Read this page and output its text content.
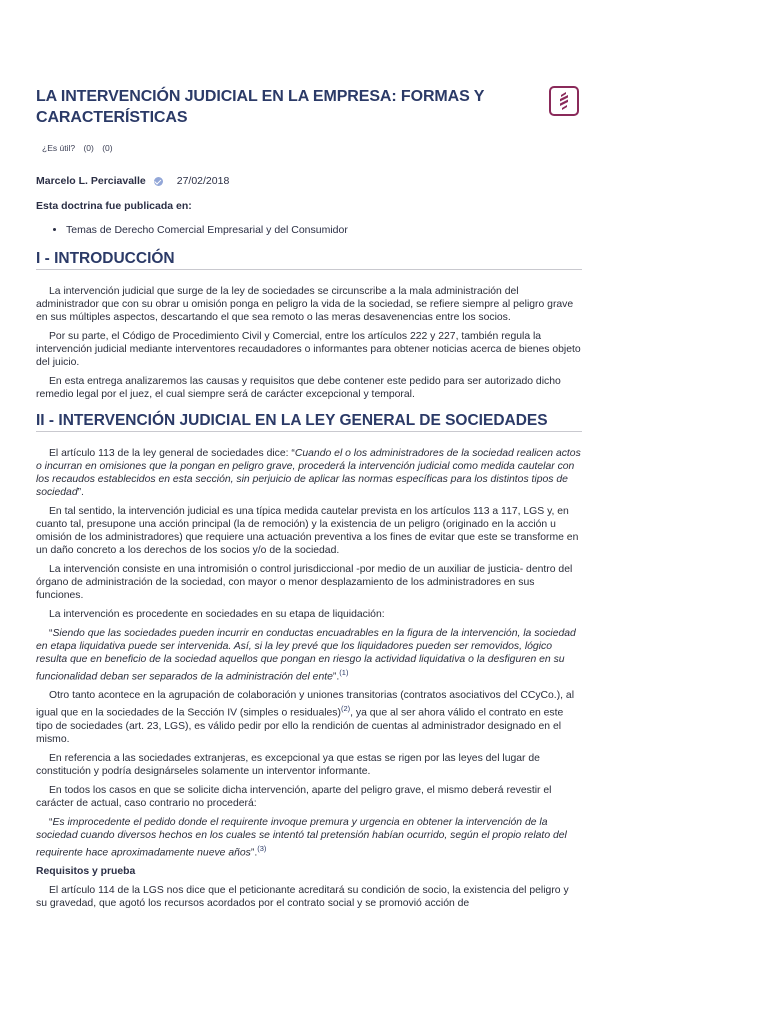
LA INTERVENCIÓN JUDICIAL EN LA EMPRESA: FORMAS Y CARACTERÍSTICAS
¿Es útil? (0) (0)
Marcelo L. Perciavalle	27/02/2018
Esta doctrina fue publicada en:
• Temas de Derecho Comercial Empresarial y del Consumidor
I - INTRODUCCIÓN

La intervención judicial que surge de la ley de sociedades se circunscribe a la mala administración del administrador que con su obrar u omisión ponga en peligro la vida de la sociedad, se refiere siempre al peligro grave en sus múltiples aspectos, descartando el que sea remoto o las meras desavenencias entre los socios.

Por su parte, el Código de Procedimiento Civil y Comercial, entre los artículos 222 y 227, también regula la intervención judicial mediante interventores recaudadores o informantes para obtener noticias acerca de bienes objeto del juicio.

En esta entrega analizaremos las causas y requisitos que debe contener este pedido para ser autorizado dicho remedio legal por el juez, el cual siempre será de carácter excepcional y temporal.

II - INTERVENCIÓN JUDICIAL EN LA LEY GENERAL DE SOCIEDADES

El artículo 113 de la ley general de sociedades dice: “Cuando el o los administradores de la sociedad realicen actos o incurran en omisiones que la pongan en peligro grave, procederá la intervención judicial como medida cautelar con los recaudos establecidos en esta sección, sin perjuicio de aplicar las normas específicas para los distintos tipos de sociedad”.

En tal sentido, la intervención judicial es una típica medida cautelar prevista en los artículos 113 a 117, LGS y, en cuanto tal, presupone una acción principal (la de remoción) y la existencia de un peligro (originado en la acción u omisión de los administradores) que requiere una actuación preventiva a los fines de evitar que este se transforme en un daño concreto a los derechos de los socios y/o de la sociedad.

La intervención consiste en una intromisión o control jurisdiccional -por medio de un auxiliar de justicia- dentro del órgano de administración de la sociedad, con mayor o menor desplazamiento de los administradores en sus funciones.

La intervención es procedente en sociedades en su etapa de liquidación:

“Siendo que las sociedades pueden incurrir en conductas encuadrables en la figura de la intervención, la sociedad en etapa liquidativa puede ser intervenida. Así, si la ley prevé que los liquidadores pueden ser removidos, lógico resulta que en beneficio de la sociedad aquellos que pongan en riesgo la actividad liquidativa o la desfiguren en su funcionalidad deban ser separados de la administración del ente”.$^{(1)}$

Otro tanto acontece en la agrupación de colaboración y uniones transitorias (contratos asociativos del CCyCo.), al igual que en la sociedades de la Sección IV (simples o residuales)$^{(2)}$, ya que al ser ahora válido el contrato en este tipo de sociedades (art. 23, LGS), es válido pedir por ello la rendición de cuentas al administrador designado en el mismo.

En referencia a las sociedades extranjeras, es excepcional ya que estas se rigen por las leyes del lugar de constitución y podría designárseles solamente un interventor informante.

En todos los casos en que se solicite dicha intervención, aparte del peligro grave, el mismo deberá revestir el carácter de actual, caso contrario no procederá:

“Es improcedente el pedido donde el requirente invoque premura y urgencia en obtener la intervención de la sociedad cuando diversos hechos en los cuales se intentó tal pretensión habían ocurrido, según el propio relato del requirente hace aproximadamente nueve años”.$^{(3)}$

Requisitos y prueba

El artículo 114 de la LGS nos dice que el peticionante acreditará su condición de socio, la existencia del peligro y su gravedad, que agotó los recursos acordados por el contrato social y se promovió acción de
